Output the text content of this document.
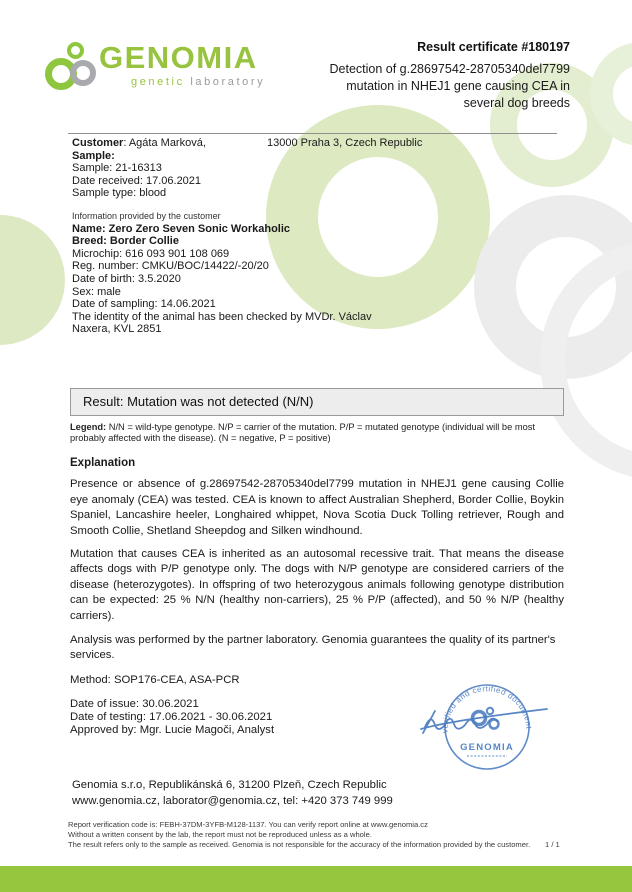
GENOMIA
genetic laboratory
Result certificate #180197
Detection of g.28697542-28705340del7799
mutation in NHEJ1 gene causing CEA in
several dog breeds
Customer: Agáta Marková,	13000 Praha 3, Czech Republic
Sample:
Sample: 21-16313
Date received: 17.06.2021
Sample type: blood
Information provided by the customer
Name: Zero Zero Seven Sonic Workaholic
Breed: Border Collie
Microchip: 616 093 901 108 069
Reg. number: CMKU/BOC/14422/-20/20
Date of birth: 3.5.2020
Sex: male
Date of sampling: 14.06.2021
The identity of the animal has been checked by MVDr. Václav
Naxera, KVL 2851
Result: Mutation was not detected (N/N)
Legend: N/N = wild-type genotype. N/P = carrier of the mutation. P/P = mutated genotype (individual will be most probably affected with the disease). (N = negative, P = positive)
Explanation
Presence or absence of g.28697542-28705340del7799 mutation in NHEJ1 gene causing Collie eye anomaly (CEA) was tested. CEA is known to affect Australian Shepherd, Border Collie, Boykin Spaniel, Lancashire heeler, Longhaired whippet, Nova Scotia Duck Tolling retriever, Rough and Smooth Collie, Shetland Sheepdog and Silken windhound.
Mutation that causes CEA is inherited as an autosomal recessive trait. That means the disease affects dogs with P/P genotype only. The dogs with N/P genotype are considered carriers of the disease (heterozygotes). In offspring of two heterozygous animals following genotype distribution can be expected: 25 % N/N (healthy non-carriers), 25 % P/P (affected), and 50 % N/P (healthy carriers).
Analysis was performed by the partner laboratory. Genomia guarantees the quality of its partner's services.
Method: SOP176-CEA, ASA-PCR
Date of issue: 30.06.2021
Date of testing: 17.06.2021 - 30.06.2021
Approved by: Mgr. Lucie Magoči, Analyst	verified and certified document
GENOMIA
Genomia s.r.o, Republikánská 6, 31200 Plzeň, Czech Republic
www.genomia.cz, laborator@genomia.cz, tel: +420 373 749 999
Report verification code is: FEBH-37DM-3YFB-M128-1137. You can verify report online at www.genomia.cz
Without a written consent by the lab, the report must not be reproduced unless as a whole.
The result refers only to the sample as received. Genomia is not responsible for the accuracy of the information provided by the customer.	1 / 1
